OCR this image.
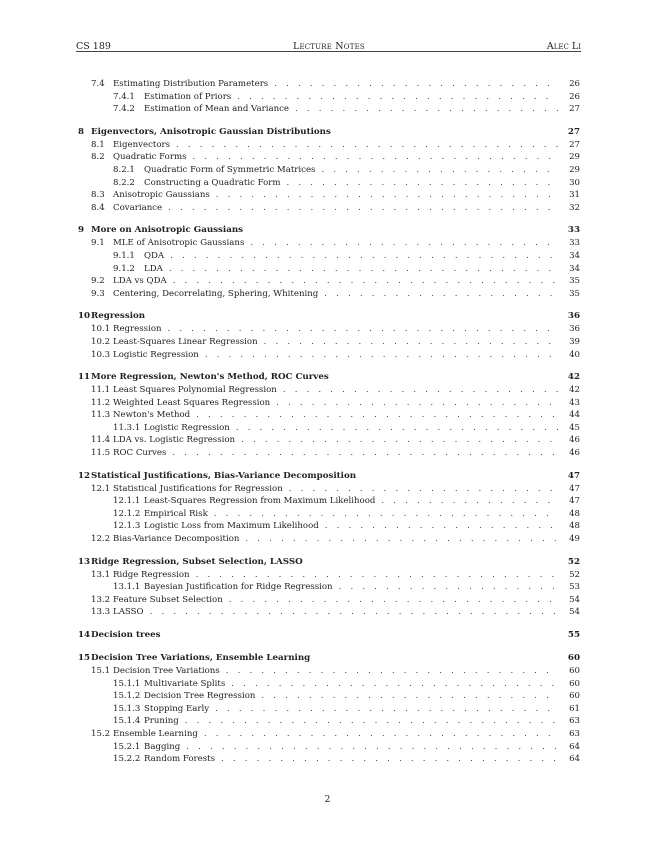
CS 189	Lecture Notes	Alec Li
7.4 Estimating Distribution Parameters . . .	26
7.4.1	Estimation of Priors . . .	26
7.4.2	Estimation of Mean and Variance . . .	27
8 Eigenvectors, Anisotropic Gaussian Distributions	27
8.1 Eigenvectors . . .	27
8.2 Quadratic Forms . . .	29
8.2.1	Quadratic Form of Symmetric Matrices . . .	29
8.2.2	Constructing a Quadratic Form . . .	30
8.3 Anisotropic Gaussians . . .	31
8.4 Covariance . . .	32
9 More on Anisotropic Gaussians	33
9.1 MLE of Anisotropic Gaussians . . .	33
9.1.1	QDA . . .	34
9.1.2	LDA . . .	34
9.2 LDA vs QDA . . .	35
9.3 Centering, Decorrelating, Sphering, Whitening . . .	35
10 Regression	36
10.1 Regression . . .	36
10.2 Least-Squares Linear Regression . . .	39
10.3 Logistic Regression . . .	40
11 More Regression, Newton's Method, ROC Curves	42
11.1 Least Squares Polynomial Regression . . .	42
11.2 Weighted Least Squares Regression . . .	43
11.3 Newton's Method . . .	44
11.3.1 Logistic Regression . . .	45
11.4 LDA vs. Logistic Regression . . .	46
11.5 ROC Curves . . .	46
12 Statistical Justifications, Bias-Variance Decomposition	47
12.1 Statistical Justifications for Regression . . .	47
12.1.1 Least-Squares Regression from Maximum Likelihood . . .	47
12.1.2 Empirical Risk . . .	48
12.1.3 Logistic Loss from Maximum Likelihood . . .	48
12.2 Bias-Variance Decomposition . . .	49
13 Ridge Regression, Subset Selection, LASSO	52
13.1 Ridge Regression . . .	52
13.1.1 Bayesian Justification for Ridge Regression . . .	53
13.2 Feature Subset Selection . . .	54
13.3 LASSO . . .	54
14 Decision trees	55
15 Decision Tree Variations, Ensemble Learning	60
15.1 Decision Tree Variations . . .	60
15.1.1 Multivariate Splits . . .	60
15.1.2 Decision Tree Regression . . .	60
15.1.3 Stopping Early . . .	61
15.1.4 Pruning . . .	63
15.2 Ensemble Learning . . .	63
15.2.1 Bagging . . .	64
15.2.2 Random Forests . . .	64
2
